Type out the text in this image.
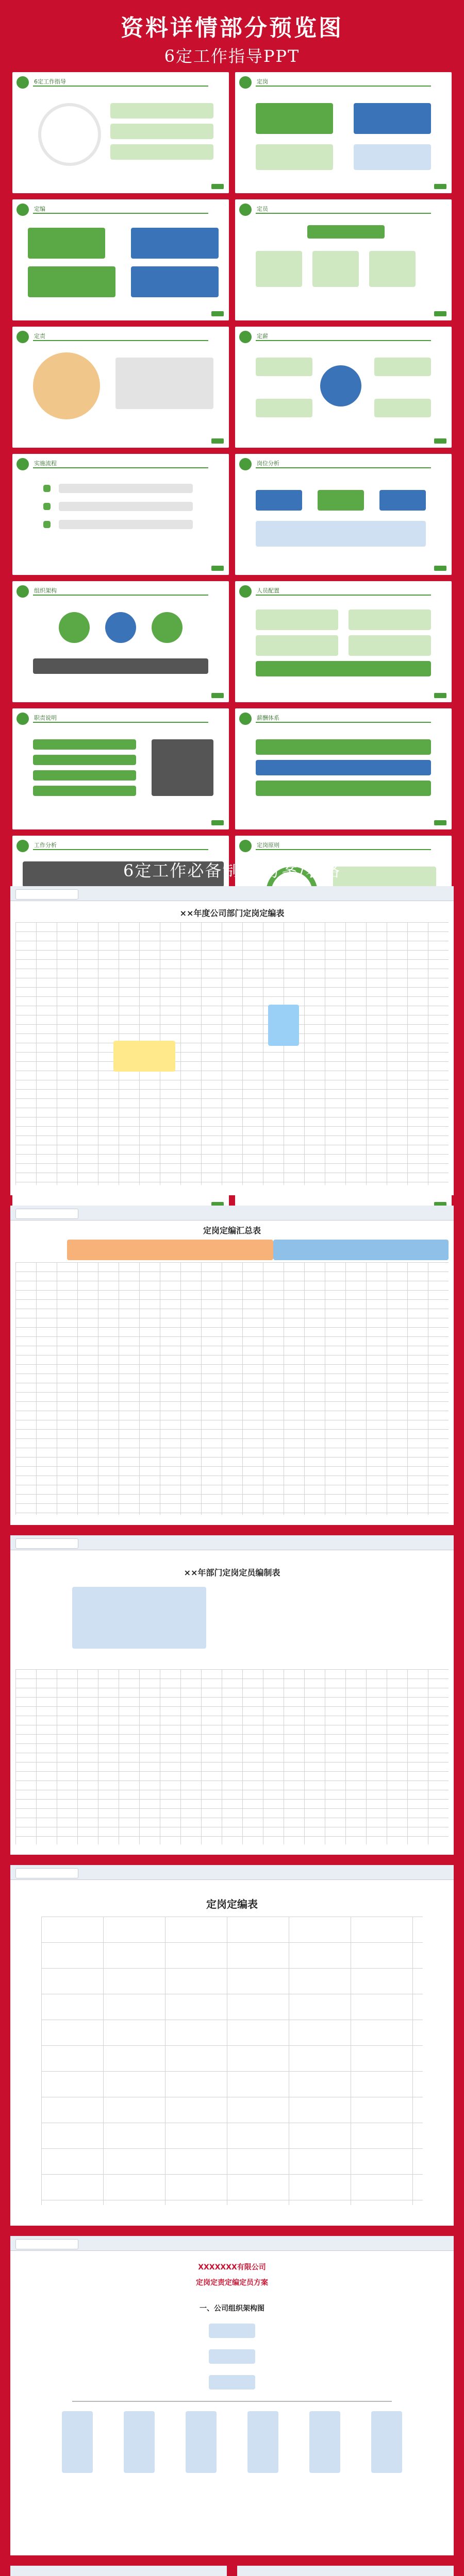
资料详情部分预览图
6定工作指导PPT
6定工作指导	定岗
定编	定员
定责	定薪
实施流程	岗位分析
组织架构	人员配置
职责说明	薪酬体系
工作分析	定岗原则
6定工作必备制度/方案/表格
××年度公司部门定岗定编表
定岗定编汇总表
××年部门定岗定员编制表
定岗定编表
XXXXXXX有限公司
定岗定责定编定员方案
一、公司组织架构图
